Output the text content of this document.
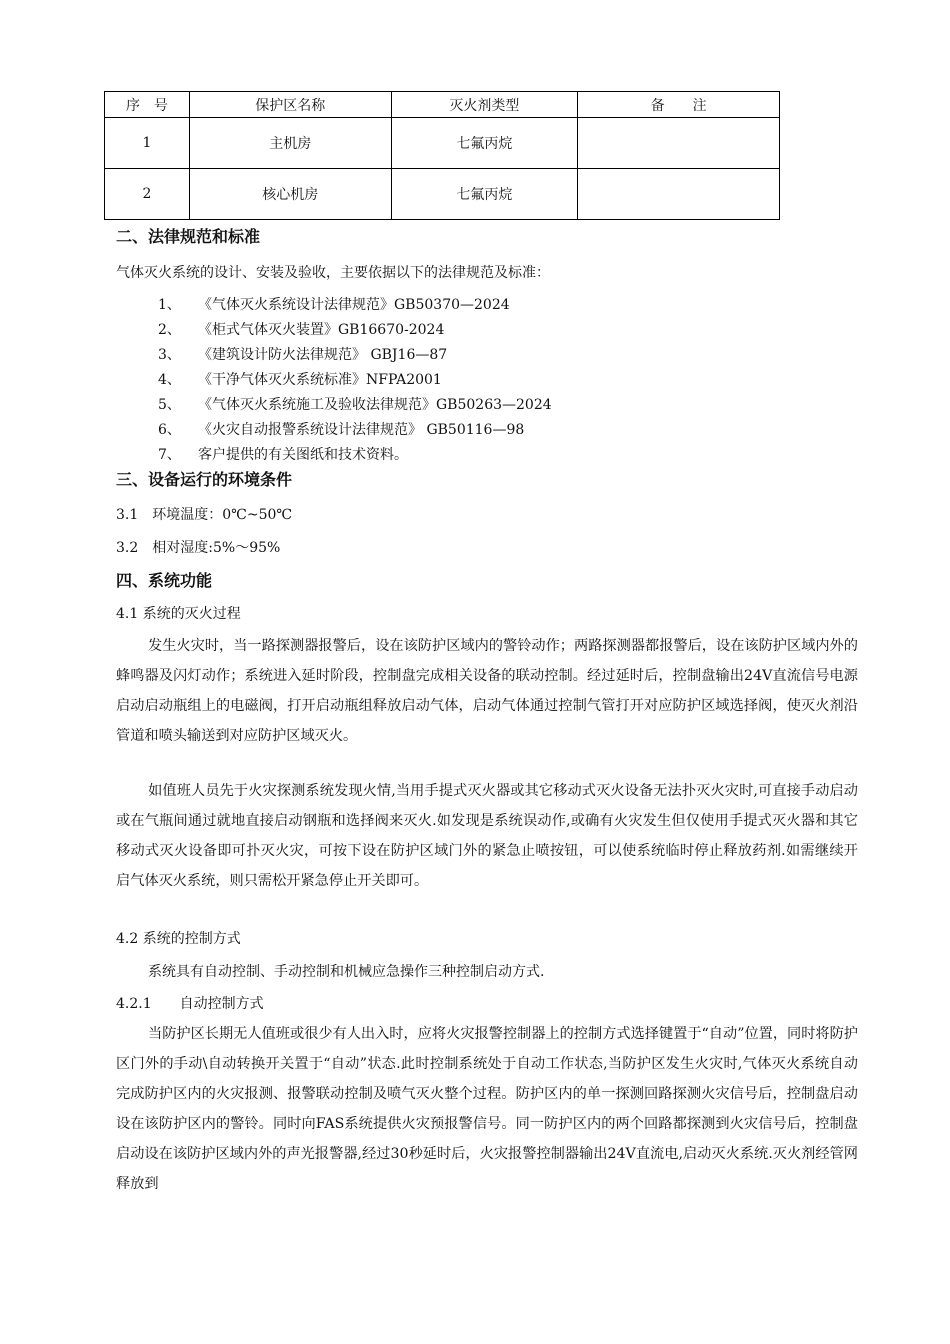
序　号	保护区名称	灭火剂类型	备　　注
1	主机房	七氟丙烷	
2	核心机房	七氟丙烷	
二、法律规范和标准

气体灭火系统的设计、安装及验收，主要依据以下的法律规范及标准：

1、 《气体灭火系统设计法律规范》GB50370—2024
2、 《柜式气体灭火装置》GB16670-2024
3、 《建筑设计防火法律规范》 GBJ16—87
4、 《干净气体灭火系统标准》NFPA2001
5、 《气体灭火系统施工及验收法律规范》GB50263—2024
6、 《火灾自动报警系统设计法律规范》 GB50116—98
7、 客户提供的有关图纸和技术资料。
三、设备运行的环境条件

3.1　环境温度：0℃~50℃

3.2　相对湿度:5%～95%

四、系统功能

4.1 系统的灭火过程

发生火灾时，当一路探测器报警后，设在该防护区域内的警铃动作；两路探测器都报警后，设在该防护区域内外的蜂鸣器及闪灯动作；系统进入延时阶段，控制盘完成相关设备的联动控制。经过延时后，控制盘输出24V直流信号电源启动启动瓶组上的电磁阀，打开启动瓶组释放启动气体，启动气体通过控制气管打开对应防护区域选择阀，使灭火剂沿管道和喷头输送到对应防护区域灭火。

如值班人员先于火灾探测系统发现火情,当用手提式灭火器或其它移动式灭火设备无法扑灭火灾时,可直接手动启动或在气瓶间通过就地直接启动钢瓶和选择阀来灭火.如发现是系统误动作,或确有火灾发生但仅使用手提式灭火器和其它移动式灭火设备即可扑灭火灾，可按下设在防护区域门外的紧急止喷按钮，可以使系统临时停止释放药剂.如需继续开启气体灭火系统，则只需松开紧急停止开关即可。

4.2 系统的控制方式

系统具有自动控制、手动控制和机械应急操作三种控制启动方式.

4.2.1　　自动控制方式

当防护区长期无人值班或很少有人出入时，应将火灾报警控制器上的控制方式选择键置于“自动”位置，同时将防护区门外的手动\自动转换开关置于“自动”状态.此时控制系统处于自动工作状态,当防护区发生火灾时,气体灭火系统自动完成防护区内的火灾报测、报警联动控制及喷气灭火整个过程。防护区内的单一探测回路探测火灾信号后，控制盘启动设在该防护区内的警铃。同时向FAS系统提供火灾预报警信号。同一防护区内的两个回路都探测到火灾信号后，控制盘启动设在该防护区域内外的声光报警器,经过30秒延时后，火灾报警控制器输出24V直流电,启动灭火系统.灭火剂经管网释放到
